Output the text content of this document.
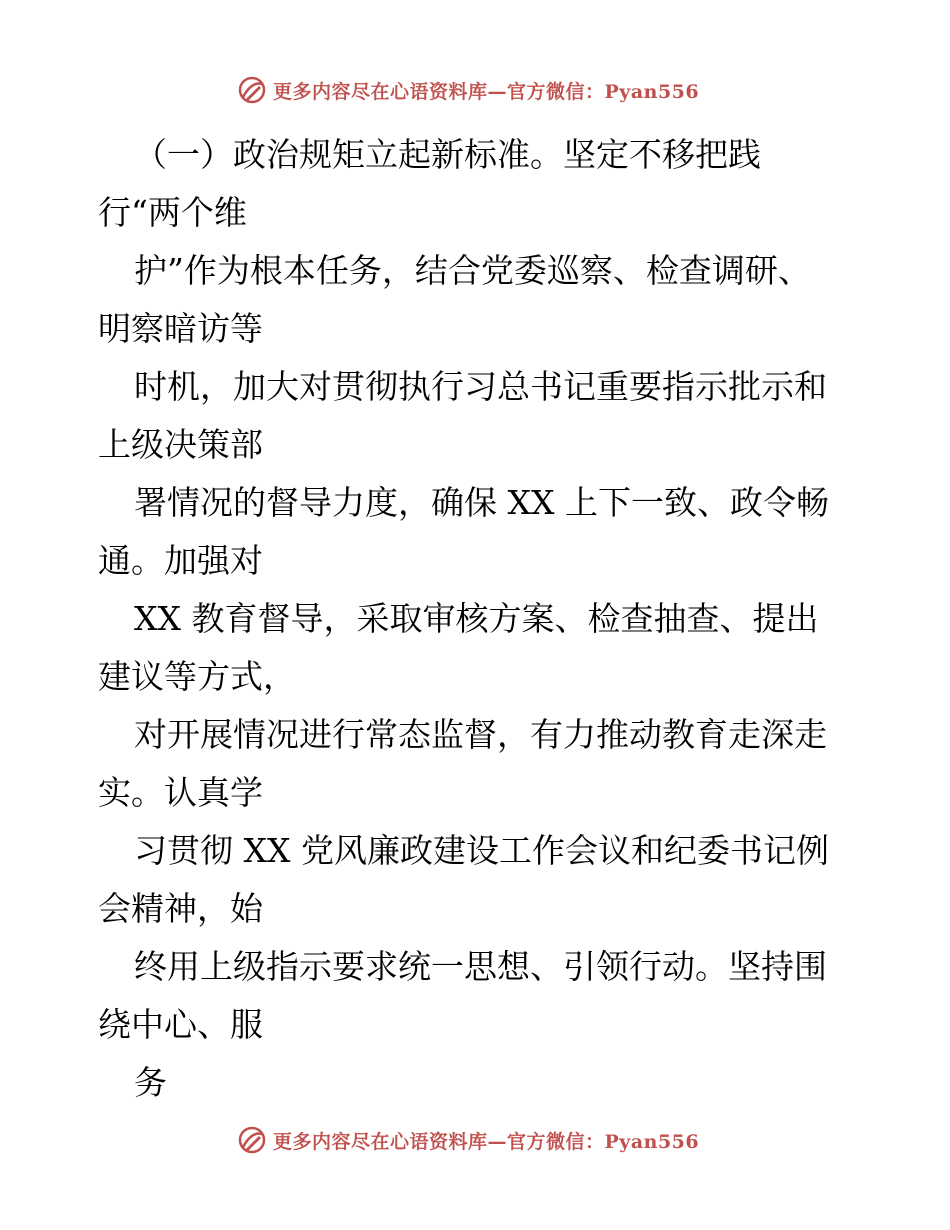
更多内容尽在心语资料库—官方微信：Pyan556
（一）政治规矩立起新标准。坚定不移把践
行“两个维
护”作为根本任务，结合党委巡察、检查调研、
明察暗访等
时机，加大对贯彻执行习总书记重要指示批示和
上级决策部
署情况的督导力度，确保 XX 上下一致、政令畅
通。加强对
XX 教育督导，采取审核方案、检查抽查、提出
建议等方式，
对开展情况进行常态监督，有力推动教育走深走
实。认真学
习贯彻 XX 党风廉政建设工作会议和纪委书记例
会精神，始
终用上级指示要求统一思想、引领行动。坚持围
绕中心、服
务
更多内容尽在心语资料库—官方微信：Pyan556
